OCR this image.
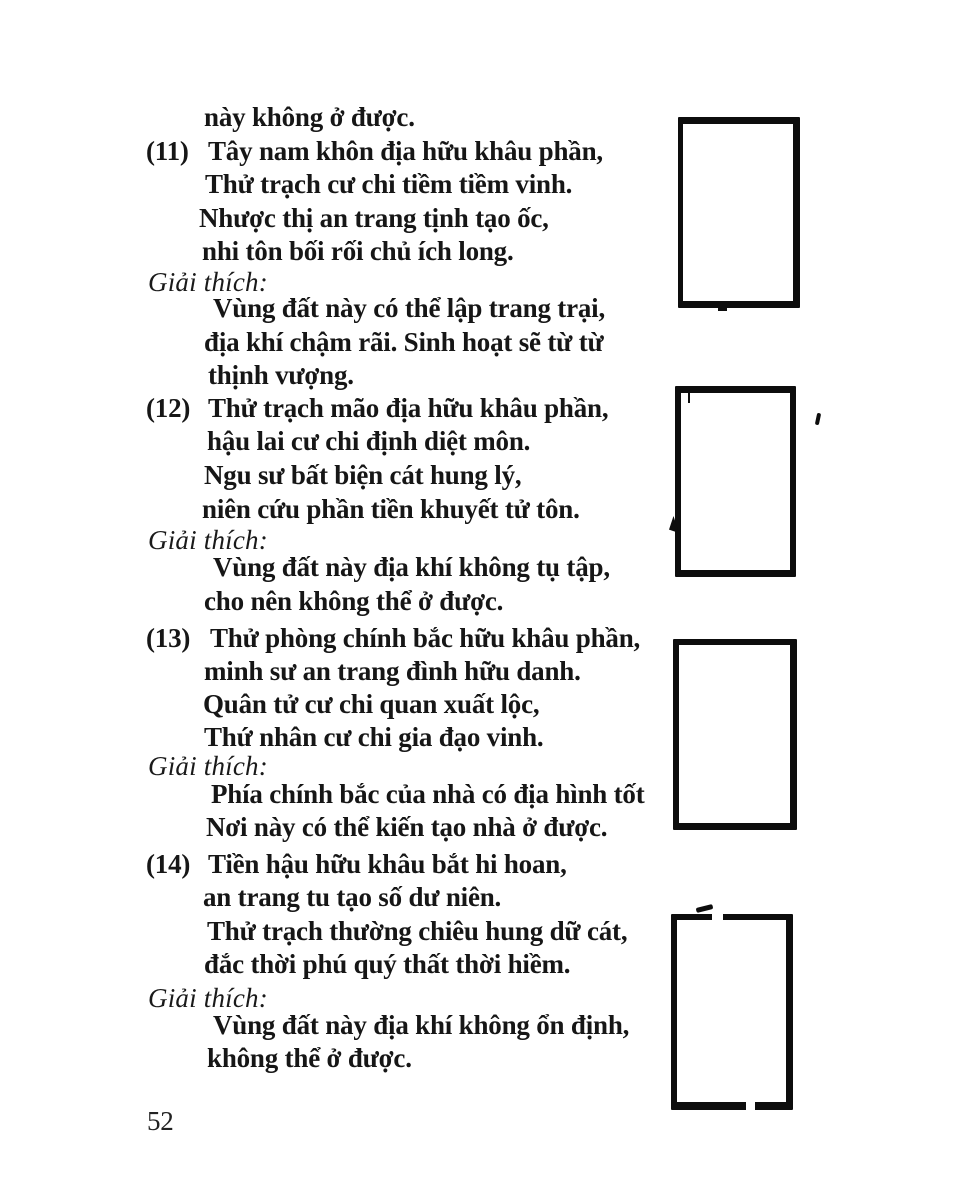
này không ở được.
(11) Tây nam khôn địa hữu khâu phần,
Thử trạch cư chi tiềm tiềm vinh.
Nhược thị an trang tịnh tạo ốc,
nhi tôn bối rối chủ ích long.
Giải thích:
Vùng đất này có thể lập trang trại,
địa khí chậm rãi. Sinh hoạt sẽ từ từ
thịnh vượng.
(12) Thử trạch mão địa hữu khâu phần,
hậu lai cư chi định diệt môn.
Ngu sư bất biện cát hung lý,
niên cứu phần tiền khuyết tử tôn.
Giải thích:
Vùng đất này địa khí không tụ tập,
cho nên không thể ở được.
(13) Thử phòng chính bắc hữu khâu phần,
minh sư an trang đình hữu danh.
Quân tử cư chi quan xuất lộc,
Thứ nhân cư chi gia đạo vinh.
Giải thích:
Phía chính bắc của nhà có địa hình tốt
Nơi này có thể kiến tạo nhà ở được.
(14) Tiền hậu hữu khâu bắt hi hoan,
an trang tu tạo số dư niên.
Thử trạch thường chiêu hung dữ cát,
đắc thời phú quý thất thời hiềm.
Giải thích:
Vùng đất này địa khí không ổn định,
không thể ở được.
52
